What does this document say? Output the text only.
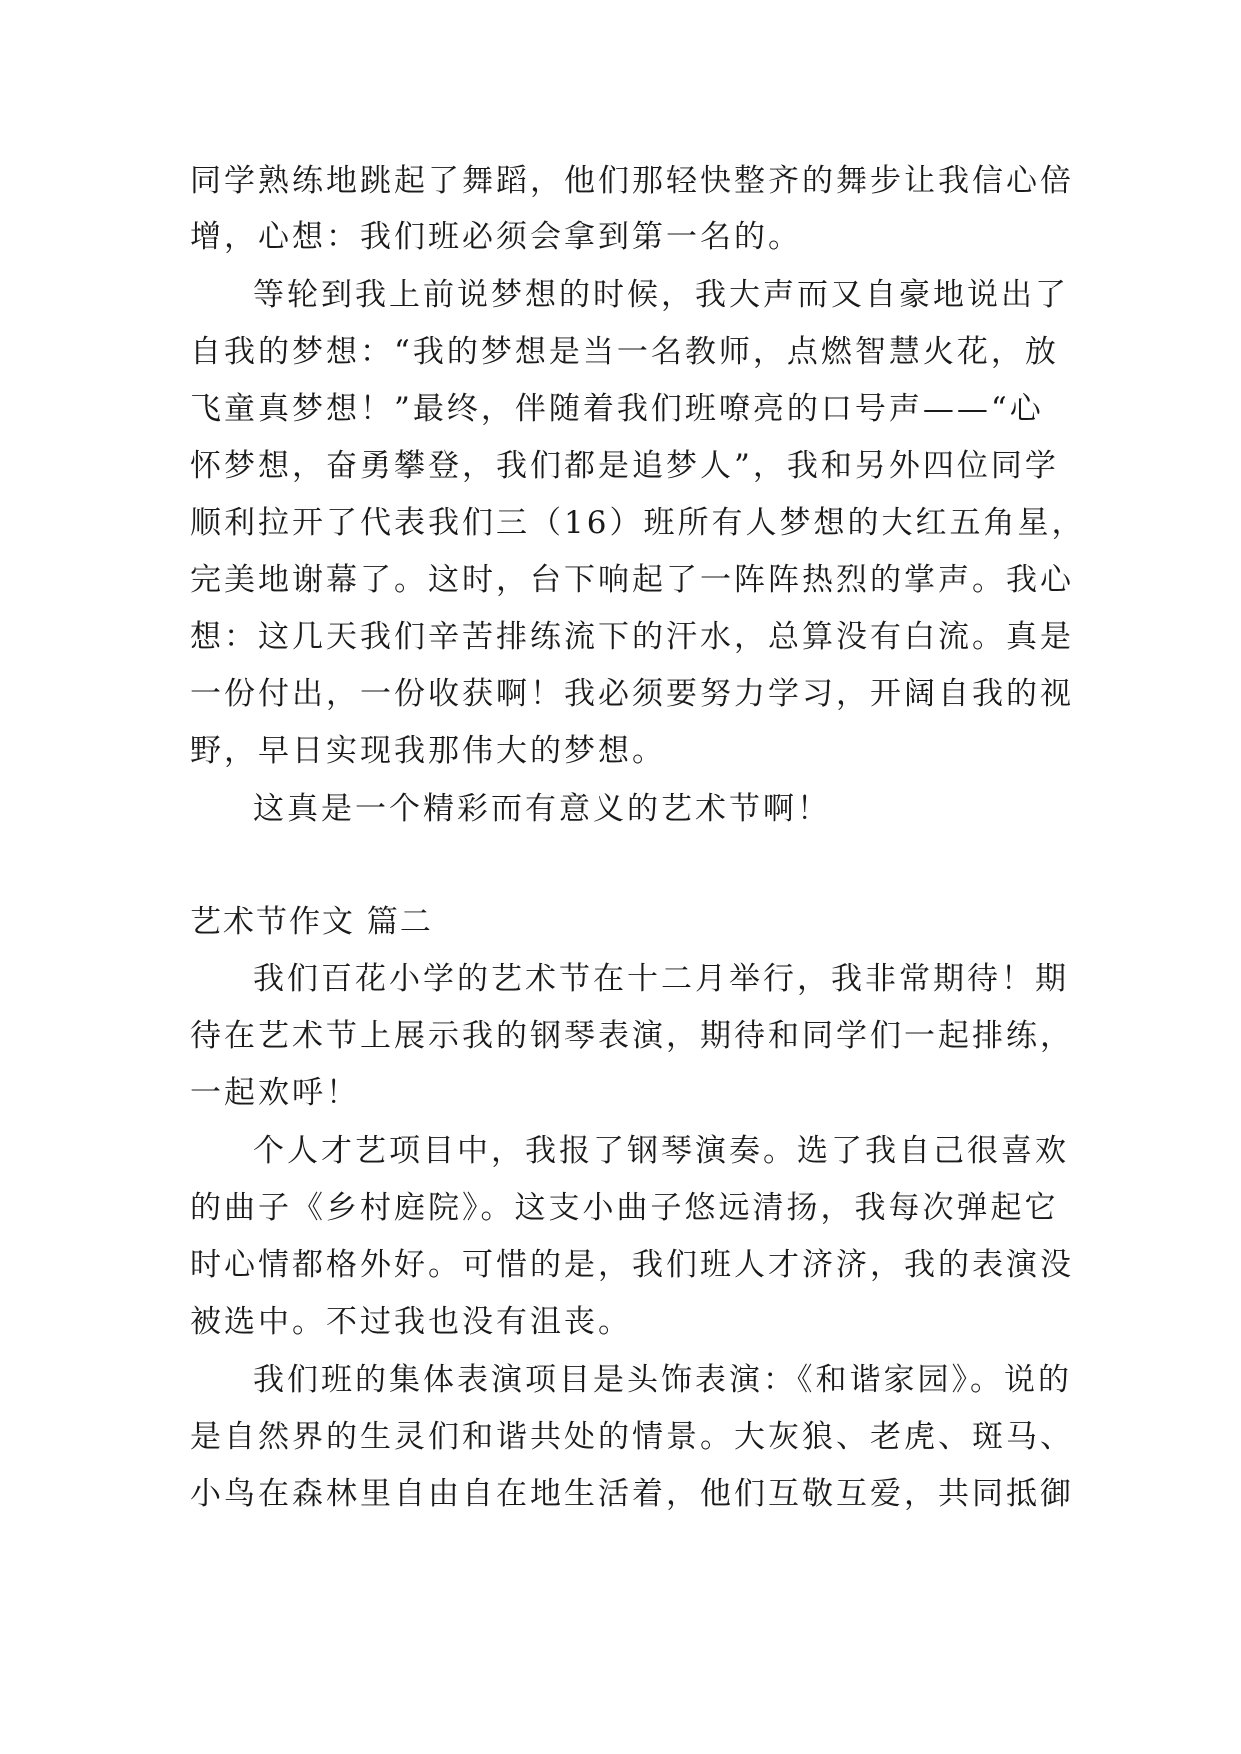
同学熟练地跳起了舞蹈，他们那轻快整齐的舞步让我信心倍
增，心想：我们班必须会拿到第一名的。
等轮到我上前说梦想的时候，我大声而又自豪地说出了
自我的梦想：“我的梦想是当一名教师，点燃智慧火花，放
飞童真梦想！”最终，伴随着我们班嘹亮的口号声——“心
怀梦想，奋勇攀登，我们都是追梦人”，我和另外四位同学
顺利拉开了代表我们三（16）班所有人梦想的大红五角星，
完美地谢幕了。这时，台下响起了一阵阵热烈的掌声。我心
想：这几天我们辛苦排练流下的汗水，总算没有白流。真是
一份付出，一份收获啊！我必须要努力学习，开阔自我的视
野，早日实现我那伟大的梦想。
这真是一个精彩而有意义的艺术节啊！
艺术节作文 篇二
我们百花小学的艺术节在十二月举行，我非常期待！期
待在艺术节上展示我的钢琴表演，期待和同学们一起排练，
一起欢呼！
个人才艺项目中，我报了钢琴演奏。选了我自己很喜欢
的曲子《乡村庭院》。这支小曲子悠远清扬，我每次弹起它
时心情都格外好。可惜的是，我们班人才济济，我的表演没
被选中。不过我也没有沮丧。
我们班的集体表演项目是头饰表演：《和谐家园》。说的
是自然界的生灵们和谐共处的情景。大灰狼、老虎、斑马、
小鸟在森林里自由自在地生活着，他们互敬互爱，共同抵御
